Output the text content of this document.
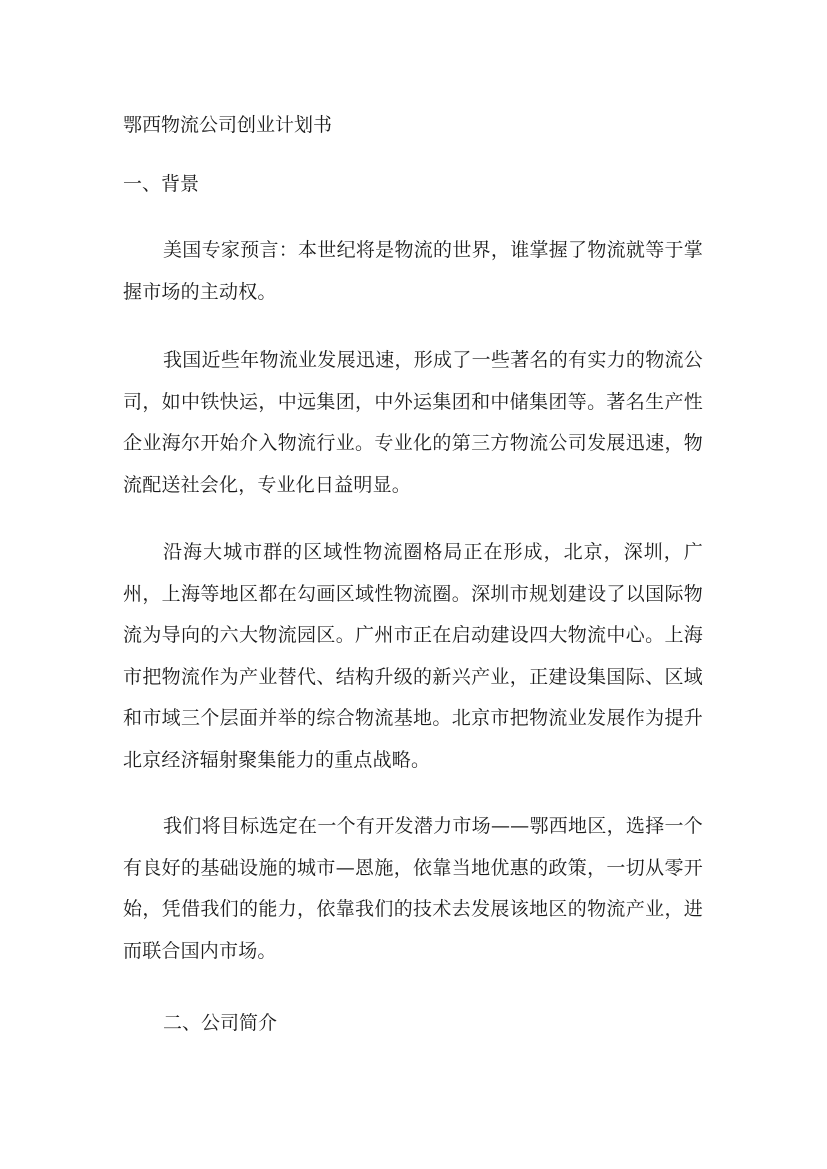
鄂西物流公司创业计划书
一、背景

美国专家预言：本世纪将是物流的世界，谁掌握了物流就等于掌握市场的主动权。

我国近些年物流业发展迅速，形成了一些著名的有实力的物流公司，如中铁快运，中远集团，中外运集团和中储集团等。著名生产性企业海尔开始介入物流行业。专业化的第三方物流公司发展迅速，物流配送社会化，专业化日益明显。

沿海大城市群的区域性物流圈格局正在形成，北京，深圳，广州，上海等地区都在勾画区域性物流圈。深圳市规划建设了以国际物流为导向的六大物流园区。广州市正在启动建设四大物流中心。上海市把物流作为产业替代、结构升级的新兴产业，正建设集国际、区域和市域三个层面并举的综合物流基地。北京市把物流业发展作为提升北京经济辐射聚集能力的重点战略。

我们将目标选定在一个有开发潜力市场——鄂西地区，选择一个有良好的基础设施的城市—恩施，依靠当地优惠的政策，一切从零开始，凭借我们的能力，依靠我们的技术去发展该地区的物流产业，进而联合国内市场。

二、公司简介
